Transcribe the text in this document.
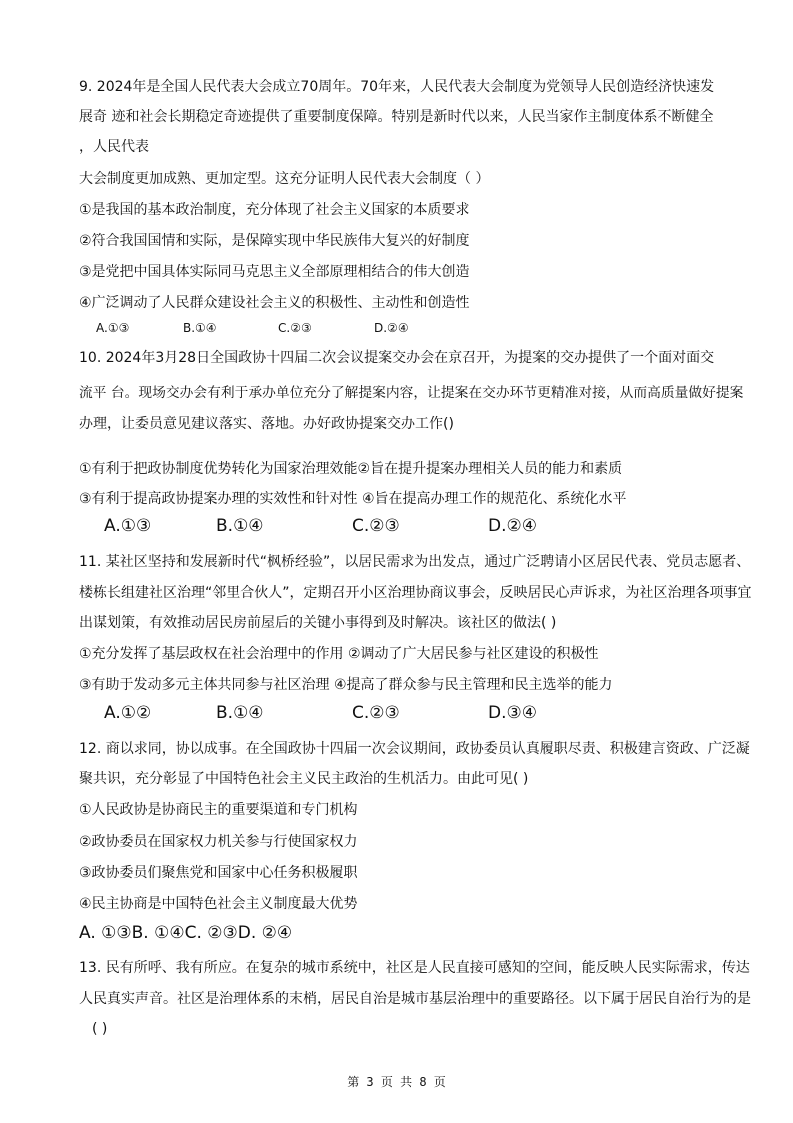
9. 2024年是全国人民代表大会成立70周年。70年来，人民代表大会制度为党领导人民创造经济快速发
展奇 迹和社会长期稳定奇迹提供了重要制度保障。特别是新时代以来，人民当家作主制度体系不断健全
，人民代表
大会制度更加成熟、更加定型。这充分证明人民代表大会制度（ ）
①是我国的基本政治制度，充分体现了社会主义国家的本质要求
②符合我国国情和实际，是保障实现中华民族伟大复兴的好制度
③是党把中国具体实际同马克思主义全部原理相结合的伟大创造
④广泛调动了人民群众建设社会主义的积极性、主动性和创造性
A.①③	B.①④	C.②③	D.②④
10. 2024年3月28日全国政协十四届二次会议提案交办会在京召开，为提案的交办提供了一个面对面交
流平 台。现场交办会有利于承办单位充分了解提案内容，让提案在交办环节更精准对接，从而高质量做好提案
办理，让委员意见建议落实、落地。办好政协提案交办工作()
①有利于把政协制度优势转化为国家治理效能②旨在提升提案办理相关人员的能力和素质
③有利于提高政协提案办理的实效性和针对性 ④旨在提高办理工作的规范化、系统化水平
A.①③	B.①④	C.②③	D.②④
11. 某社区坚持和发展新时代“枫桥经验”，以居民需求为出发点，通过广泛聘请小区居民代表、党员志愿者、
楼栋长组建社区治理“邻里合伙人”，定期召开小区治理协商议事会，反映居民心声诉求，为社区治理各项事宜
出谋划策，有效推动居民房前屋后的关键小事得到及时解决。该社区的做法( )
①充分发挥了基层政权在社会治理中的作用 ②调动了广大居民参与社区建设的积极性
③有助于发动多元主体共同参与社区治理 ④提高了群众参与民主管理和民主选举的能力
A.①②	B.①④	C.②③	D.③④
12. 商以求同，协以成事。在全国政协十四届一次会议期间，政协委员认真履职尽责、积极建言资政、广泛凝
聚共识，充分彰显了中国特色社会主义民主政治的生机活力。由此可见( )
①人民政协是协商民主的重要渠道和专门机构
②政协委员在国家权力机关参与行使国家权力
③政协委员们聚焦党和国家中心任务积极履职
④民主协商是中国特色社会主义制度最大优势
A. ①③B. ①④C. ②③D. ②④
13. 民有所呼、我有所应。在复杂的城市系统中，社区是人民直接可感知的空间，能反映人民实际需求，传达
人民真实声音。社区是治理体系的末梢，居民自治是城市基层治理中的重要路径。以下属于居民自治行为的是
( )
第 3 页 共 8 页
